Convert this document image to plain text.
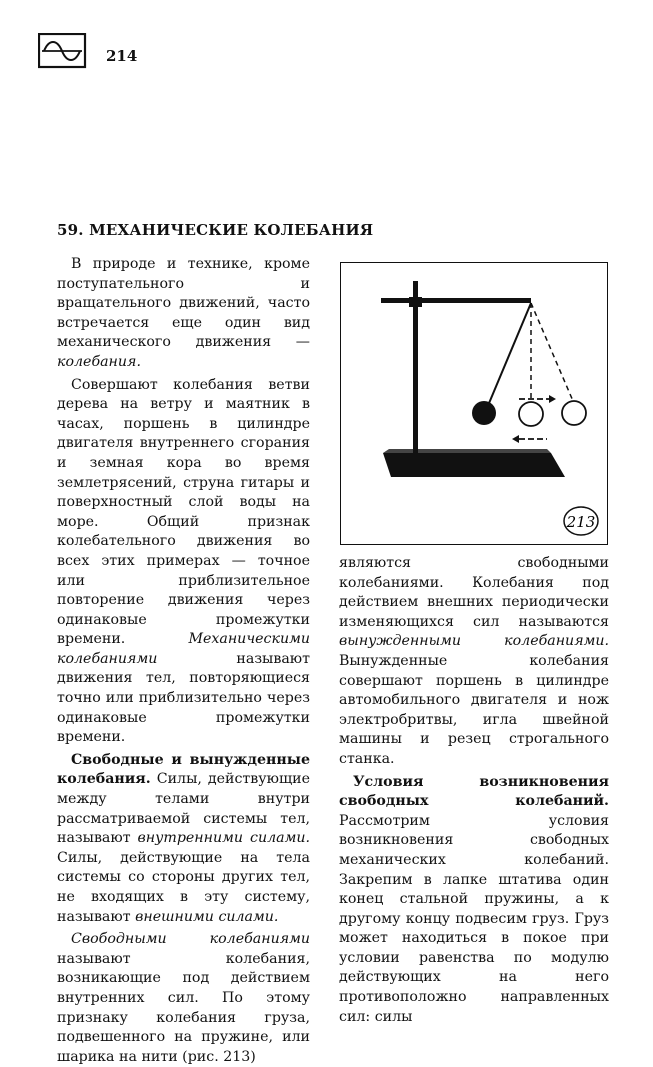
214
59. МЕХАНИЧЕСКИЕ КОЛЕБАНИЯ

В природе и технике, кроме поступательного и вращательного движений, часто встречается еще один вид механического движения — колебания.

Совершают колебания ветви дерева на ветру и маятник в часах, поршень в цилиндре двигателя внутреннего сгорания и земная кора во время землетрясений, струна гитары и поверхностный слой воды на море. Общий признак колебательного движения во всех этих примерах — точное или приблизительное повторение движения через одинаковые промежутки времени. Механическими колебаниями называют движения тел, повторяющиеся точно или приблизительно через одинаковые промежутки времени.

Свободные и вынужденные колебания. Силы, действующие между телами внутри рассматриваемой системы тел, называют внутренними силами. Силы, действующие на тела системы со стороны других тел, не входящих в эту систему, называют внешними силами.

Свободными колебаниями называют колебания, возникающие под действием внутренних сил. По этому признаку колебания груза, подвешенного на пружине, или шарика на нити (рис. 213)

213

являются свободными колебаниями. Колебания под действием внешних периодически изменяющихся сил называются вынужденными колебаниями. Вынужденные колебания совершают поршень в цилиндре автомобильного двигателя и нож электробритвы, игла швейной машины и резец строгального станка.

Условия возникновения свободных колебаний. Рассмотрим условия возникновения свободных механических колебаний. Закрепим в лапке штатива один конец стальной пружины, а к другому концу подвесим груз. Груз может находиться в покое при условии равенства по модулю действующих на него противоположно направленных сил: силы
